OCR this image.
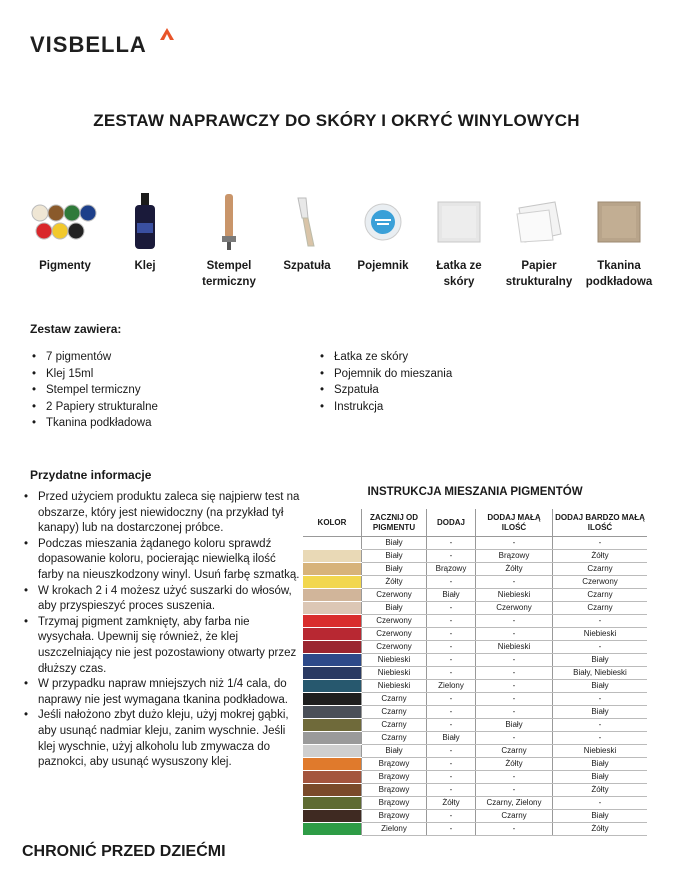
VISBELLA
ZESTAW NAPRAWCZY DO SKÓRY I OKRYĆ WINYLOWYCH
Pigmenty	Klej	Stempel termiczny
Szpatuła	Pojemnik	Łatka ze skóry
Papier strukturalny
Tkanina podkładowa
Zestaw zawiera:
• 7 pigmentów
• Klej 15ml
• Stempel termiczny
• 2 Papiery strukturalne
• Tkanina podkładowa
• Łatka ze skóry
• Pojemnik do mieszania
• Szpatuła
• Instrukcja
Przydatne informacje
• Przed użyciem produktu zaleca się najpierw test na obszarze, który jest niewidoczny (na przykład tył kanapy) lub na dostarczonej próbce.
• Podczas mieszania żądanego koloru sprawdź dopasowanie koloru, pocierając niewielką ilość farby na nieuszkodzony winyl. Usuń farbę szmatką.
• W krokach 2 i 4 możesz użyć suszarki do włosów, aby przyspieszyć proces suszenia.
• Trzymaj pigment zamknięty, aby farba nie wysychała. Upewnij się również, że klej uszczelniający nie jest pozostawiony otwarty przez dłuższy czas.
• W przypadku napraw mniejszych niż 1/4 cala, do naprawy nie jest wymagana tkanina podkładowa.
• Jeśli nałożono zbyt dużo kleju, użyj mokrej gąbki, aby usunąć nadmiar kleju, zanim wyschnie. Jeśli klej wyschnie, użyj alkoholu lub zmywacza do paznokci, aby usunąć wysuszony klej.
CHRONIĆ PRZED DZIEĆMI
INSTRUKCJA MIESZANIA PIGMENTÓW
KOLOR	ZACZNIJ OD PIGMENTU	DODAJ	DODAJ MAŁĄ ILOŚĆ	DODAJ BARDZO MAŁĄ ILOŚĆ
	Biały	-	-	-
	Biały	-	Brązowy	Żółty
	Biały	Brązowy	Żółty	Czarny
	Żółty	-	-	Czerwony
	Czerwony	Biały	Niebieski	Czarny
	Biały	-	Czerwony	Czarny
	Czerwony	-	-	-
	Czerwony	-	-	Niebieski
	Czerwony	-	Niebieski	-
	Niebieski	-	-	Biały
	Niebieski	-	-	Biały, Niebieski
	Niebieski	Zielony	-	Biały
	Czarny	-	-	-
	Czarny	-	-	Biały
	Czarny	-	Biały	-
	Czarny	Biały	-	-
	Biały	-	Czarny	Niebieski
	Brązowy	-	Żółty	Biały
	Brązowy	-	-	Biały
	Brązowy	-	-	Żółty
	Brązowy	Żółty	Czarny, Zielony	-
	Brązowy	-	Czarny	Biały
	Zielony	-	-	Żółty
